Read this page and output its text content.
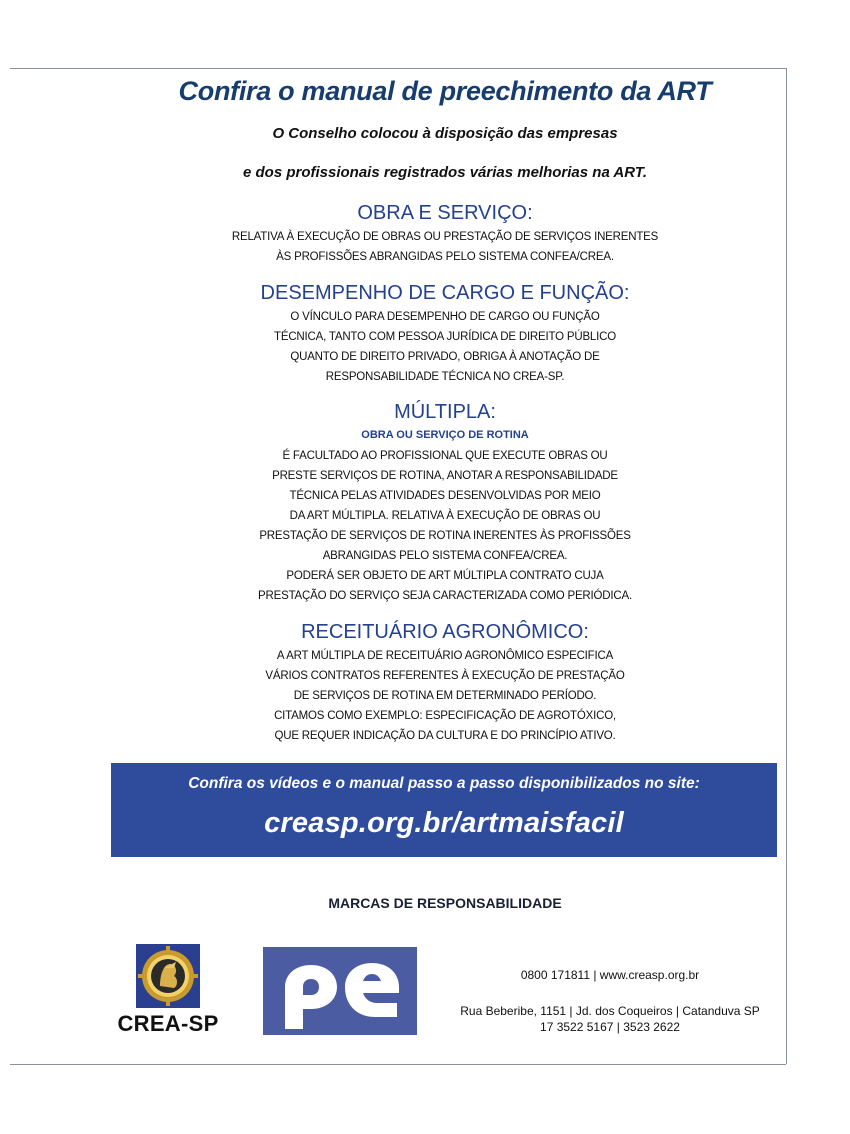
Confira o manual de preechimento da ART
O Conselho colocou à disposição das empresas
e dos profissionais registrados várias melhorias na ART.
OBRA E SERVIÇO:
RELATIVA À EXECUÇÃO DE OBRAS OU PRESTAÇÃO DE SERVIÇOS INERENTES
ÀS PROFISSÕES ABRANGIDAS PELO SISTEMA CONFEA/CREA.
DESEMPENHO DE CARGO E FUNÇÃO:
O VÍNCULO PARA DESEMPENHO DE CARGO OU FUNÇÃO
TÉCNICA, TANTO COM PESSOA JURÍDICA DE DIREITO PÚBLICO
QUANTO DE DIREITO PRIVADO, OBRIGA À ANOTAÇÃO DE
RESPONSABILIDADE TÉCNICA NO CREA-SP.
MÚLTIPLA:
OBRA OU SERVIÇO DE ROTINA
É FACULTADO AO PROFISSIONAL QUE EXECUTE OBRAS OU
PRESTE SERVIÇOS DE ROTINA, ANOTAR A RESPONSABILIDADE
TÉCNICA PELAS ATIVIDADES DESENVOLVIDAS POR MEIO
DA ART MÚLTIPLA. RELATIVA À EXECUÇÃO DE OBRAS OU
PRESTAÇÃO DE SERVIÇOS DE ROTINA INERENTES ÀS PROFISSÕES
ABRANGIDAS PELO SISTEMA CONFEA/CREA.
PODERÁ SER OBJETO DE ART MÚLTIPLA CONTRATO CUJA
PRESTAÇÃO DO SERVIÇO SEJA CARACTERIZADA COMO PERIÓDICA.
RECEITUÁRIO AGRONÔMICO:
A ART MÚLTIPLA DE RECEITUÁRIO AGRONÔMICO ESPECIFICA
VÁRIOS CONTRATOS REFERENTES À EXECUÇÃO DE PRESTAÇÃO
DE SERVIÇOS DE ROTINA EM DETERMINADO PERÍODO.
CITAMOS COMO EXEMPLO: ESPECIFICAÇÃO DE AGROTÓXICO,
QUE REQUER INDICAÇÃO DA CULTURA E DO PRINCÍPIO ATIVO.
Confira os vídeos e o manual passo a passo disponibilizados no site:
creasp.org.br/artmaisfacil
MARCAS DE RESPONSABILIDADE
CREA-SP
0800 171811 | www.creasp.org.br
Rua Beberibe, 1151 | Jd. dos Coqueiros | Catanduva SP
17 3522 5167 | 3523 2622
